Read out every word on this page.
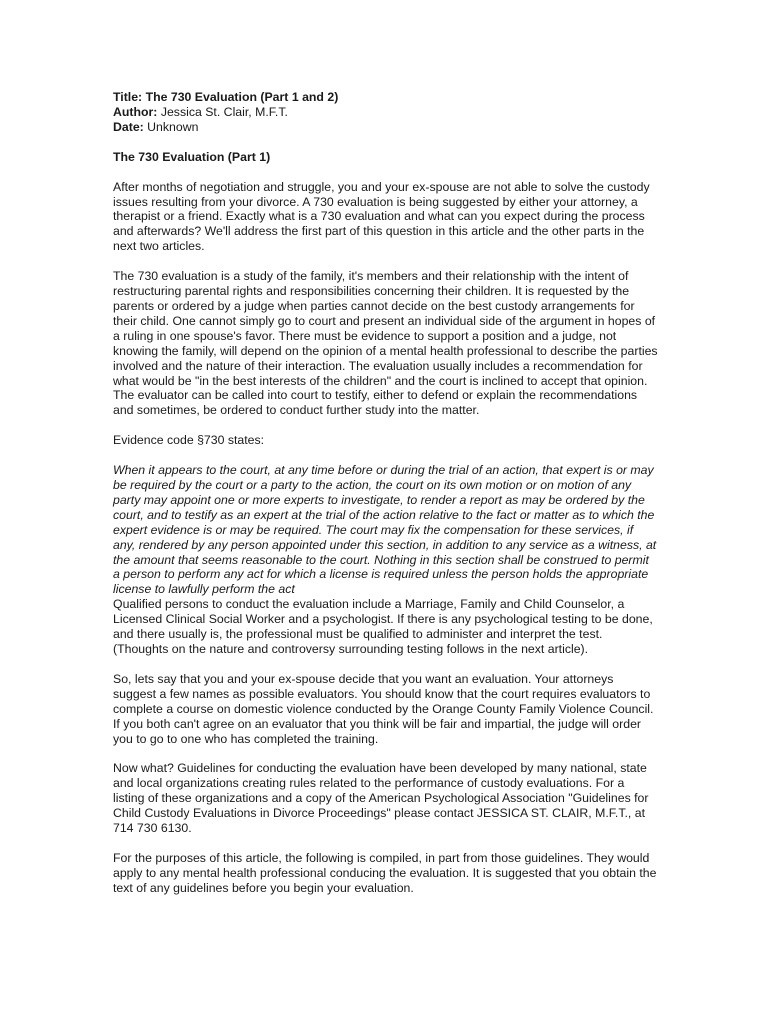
Title: The 730 Evaluation (Part 1 and 2)
Author: Jessica St. Clair, M.F.T.
Date: Unknown
The 730 Evaluation (Part 1)

After months of negotiation and struggle, you and your ex-spouse are not able to solve the custody issues resulting from your divorce. A 730 evaluation is being suggested by either your attorney, a therapist or a friend. Exactly what is a 730 evaluation and what can you expect during the process and afterwards? We'll address the first part of this question in this article and the other parts in the next two articles.

The 730 evaluation is a study of the family, it's members and their relationship with the intent of restructuring parental rights and responsibilities concerning their children. It is requested by the parents or ordered by a judge when parties cannot decide on the best custody arrangements for their child. One cannot simply go to court and present an individual side of the argument in hopes of a ruling in one spouse's favor. There must be evidence to support a position and a judge, not knowing the family, will depend on the opinion of a mental health professional to describe the parties involved and the nature of their interaction. The evaluation usually includes a recommendation for what would be "in the best interests of the children" and the court is inclined to accept that opinion. The evaluator can be called into court to testify, either to defend or explain the recommendations and sometimes, be ordered to conduct further study into the matter.

Evidence code §730 states:

When it appears to the court, at any time before or during the trial of an action, that expert is or may be required by the court or a party to the action, the court on its own motion or on motion of any party may appoint one or more experts to investigate, to render a report as may be ordered by the court, and to testify as an expert at the trial of the action relative to the fact or matter as to which the expert evidence is or may be required. The court may fix the compensation for these services, if any, rendered by any person appointed under this section, in addition to any service as a witness, at the amount that seems reasonable to the court. Nothing in this section shall be construed to permit a person to perform any act for which a license is required unless the person holds the appropriate license to lawfully perform the act

Qualified persons to conduct the evaluation include a Marriage, Family and Child Counselor, a Licensed Clinical Social Worker and a psychologist. If there is any psychological testing to be done, and there usually is, the professional must be qualified to administer and interpret the test. (Thoughts on the nature and controversy surrounding testing follows in the next article).

So, lets say that you and your ex-spouse decide that you want an evaluation. Your attorneys suggest a few names as possible evaluators. You should know that the court requires evaluators to complete a course on domestic violence conducted by the Orange County Family Violence Council. If you both can't agree on an evaluator that you think will be fair and impartial, the judge will order you to go to one who has completed the training.

Now what? Guidelines for conducting the evaluation have been developed by many national, state and local organizations creating rules related to the performance of custody evaluations. For a listing of these organizations and a copy of the American Psychological Association "Guidelines for Child Custody Evaluations in Divorce Proceedings" please contact JESSICA ST. CLAIR, M.F.T., at 714 730 6130.

For the purposes of this article, the following is compiled, in part from those guidelines. They would apply to any mental health professional conducing the evaluation. It is suggested that you obtain the text of any guidelines before you begin your evaluation.
